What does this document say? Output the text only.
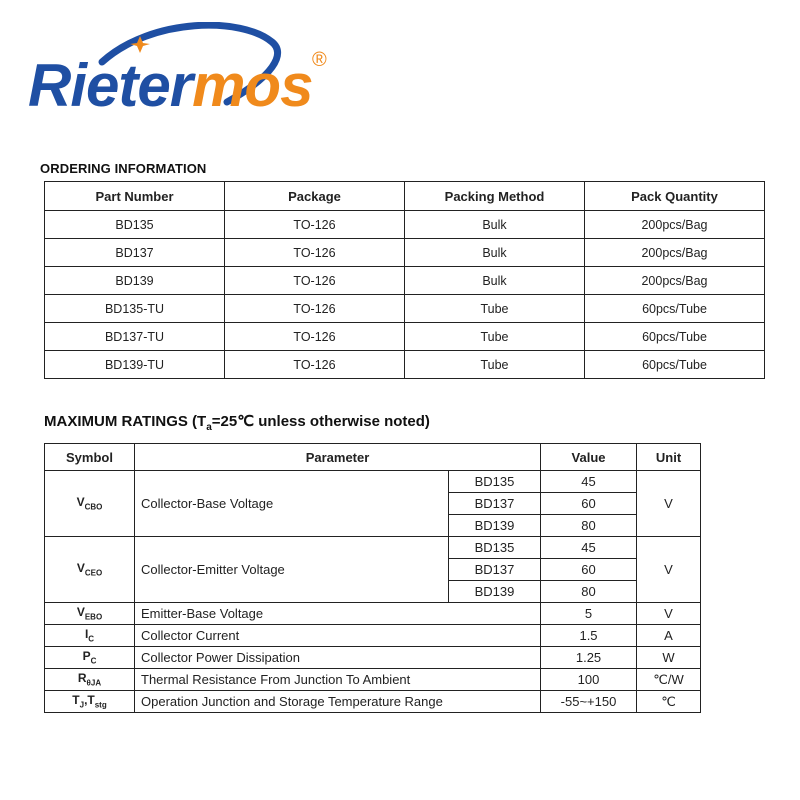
Rietermos ®
ORDERING INFORMATION
Part Number	Package	Packing Method	Pack Quantity
BD135	TO-126	Bulk	200pcs/Bag
BD137	TO-126	Bulk	200pcs/Bag
BD139	TO-126	Bulk	200pcs/Bag
BD135-TU	TO-126	Tube	60pcs/Tube
BD137-TU	TO-126	Tube	60pcs/Tube
BD139-TU	TO-126	Tube	60pcs/Tube
MAXIMUM RATINGS ($T_a=25℃$ unless otherwise noted)
Symbol	Parameter		Value	Unit
$V_{CBO}$	Collector-Base Voltage	BD135	45	V
		BD137	60	
		BD139	80	
$V_{CEO}$	Collector-Emitter Voltage	BD135	45	V
		BD137	60	
		BD139	80	
$V_{EBO}$	Emitter-Base Voltage		5	V
$I_C$	Collector Current		1.5	A
$P_C$	Collector Power Dissipation		1.25	W
$R_{\theta JA}$	Thermal Resistance From Junction To Ambient		100	℃/W
$T_J,T_{stg}$	Operation Junction and Storage Temperature Range		-55~+150	℃
